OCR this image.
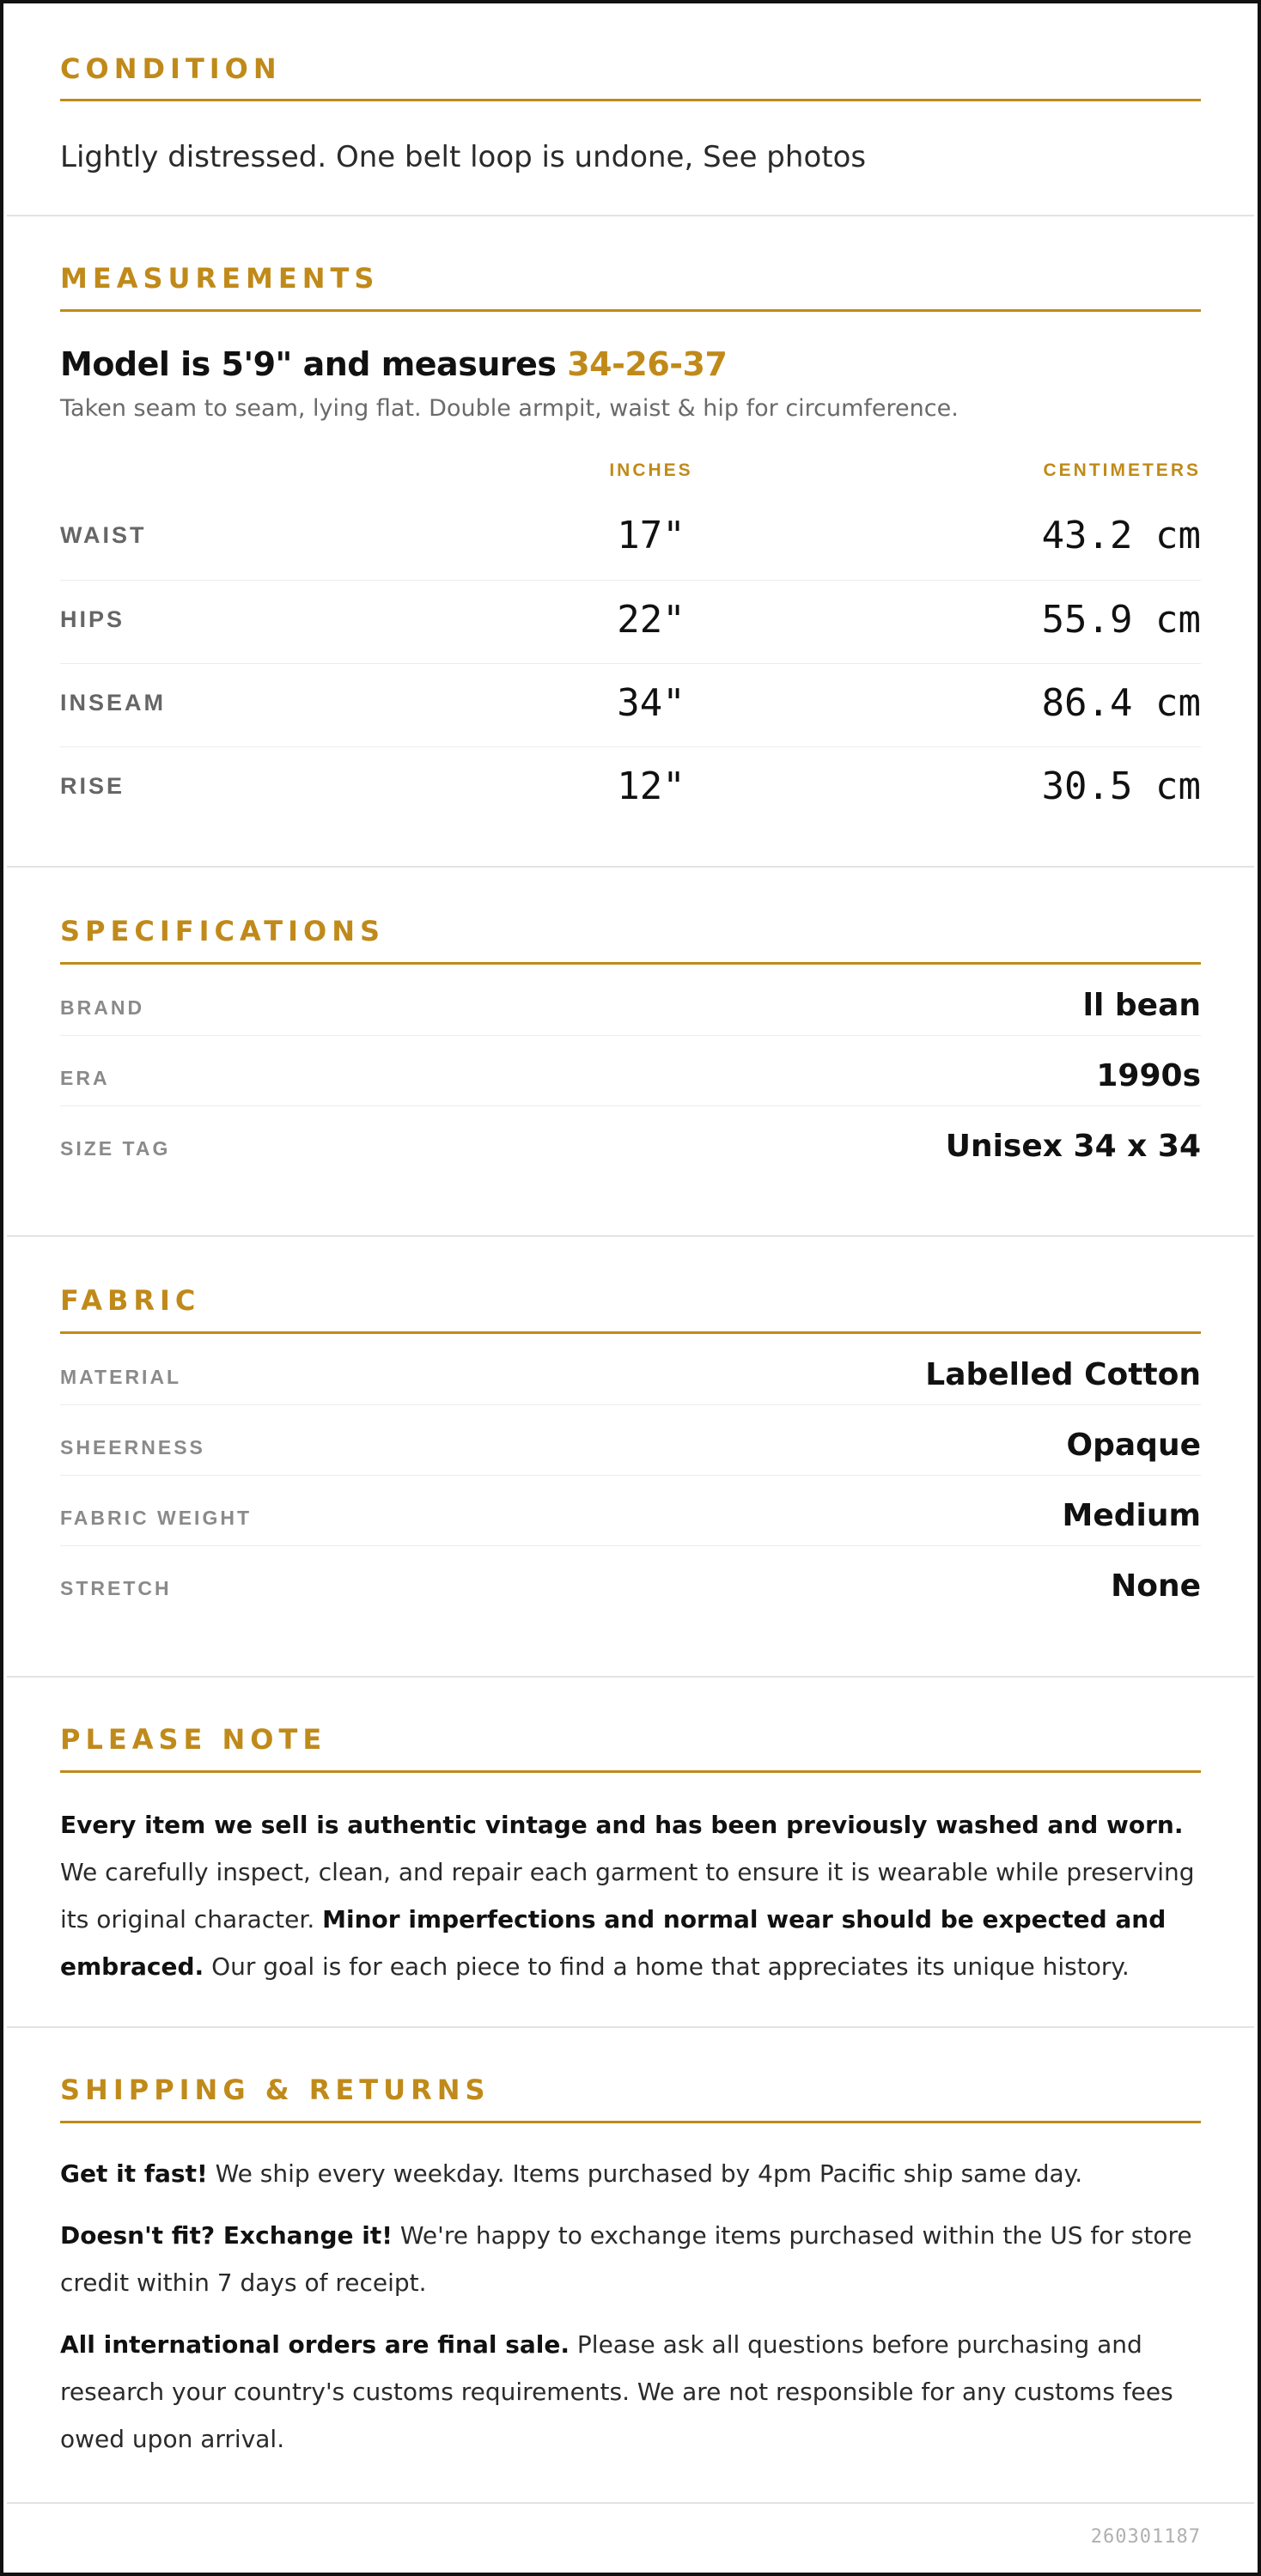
CONDITION
Lightly distressed. One belt loop is undone, See photos
MEASUREMENTS
Model is 5'9" and measures 34-26-37
Taken seam to seam, lying flat. Double armpit, waist & hip for circumference.
INCHES	CENTIMETERS
WAIST	17"	43.2 cm
HIPS	22"	55.9 cm
INSEAM	34"	86.4 cm
RISE	12"	30.5 cm
SPECIFICATIONS
BRAND	ll bean
ERA	1990s
SIZE TAG	Unisex 34 x 34
FABRIC
MATERIAL	Labelled Cotton
SHEERNESS	Opaque
FABRIC WEIGHT	Medium
STRETCH	None
PLEASE NOTE
Every item we sell is authentic vintage and has been previously washed and worn. We carefully inspect, clean, and repair each garment to ensure it is wearable while preserving its original character. Minor imperfections and normal wear should be expected and embraced. Our goal is for each piece to find a home that appreciates its unique history.
SHIPPING & RETURNS
Get it fast! We ship every weekday. Items purchased by 4pm Pacific ship same day.
Doesn't fit? Exchange it! We're happy to exchange items purchased within the US for store credit within 7 days of receipt.
All international orders are final sale. Please ask all questions before purchasing and research your country's customs requirements. We are not responsible for any customs fees owed upon arrival.
260301187
